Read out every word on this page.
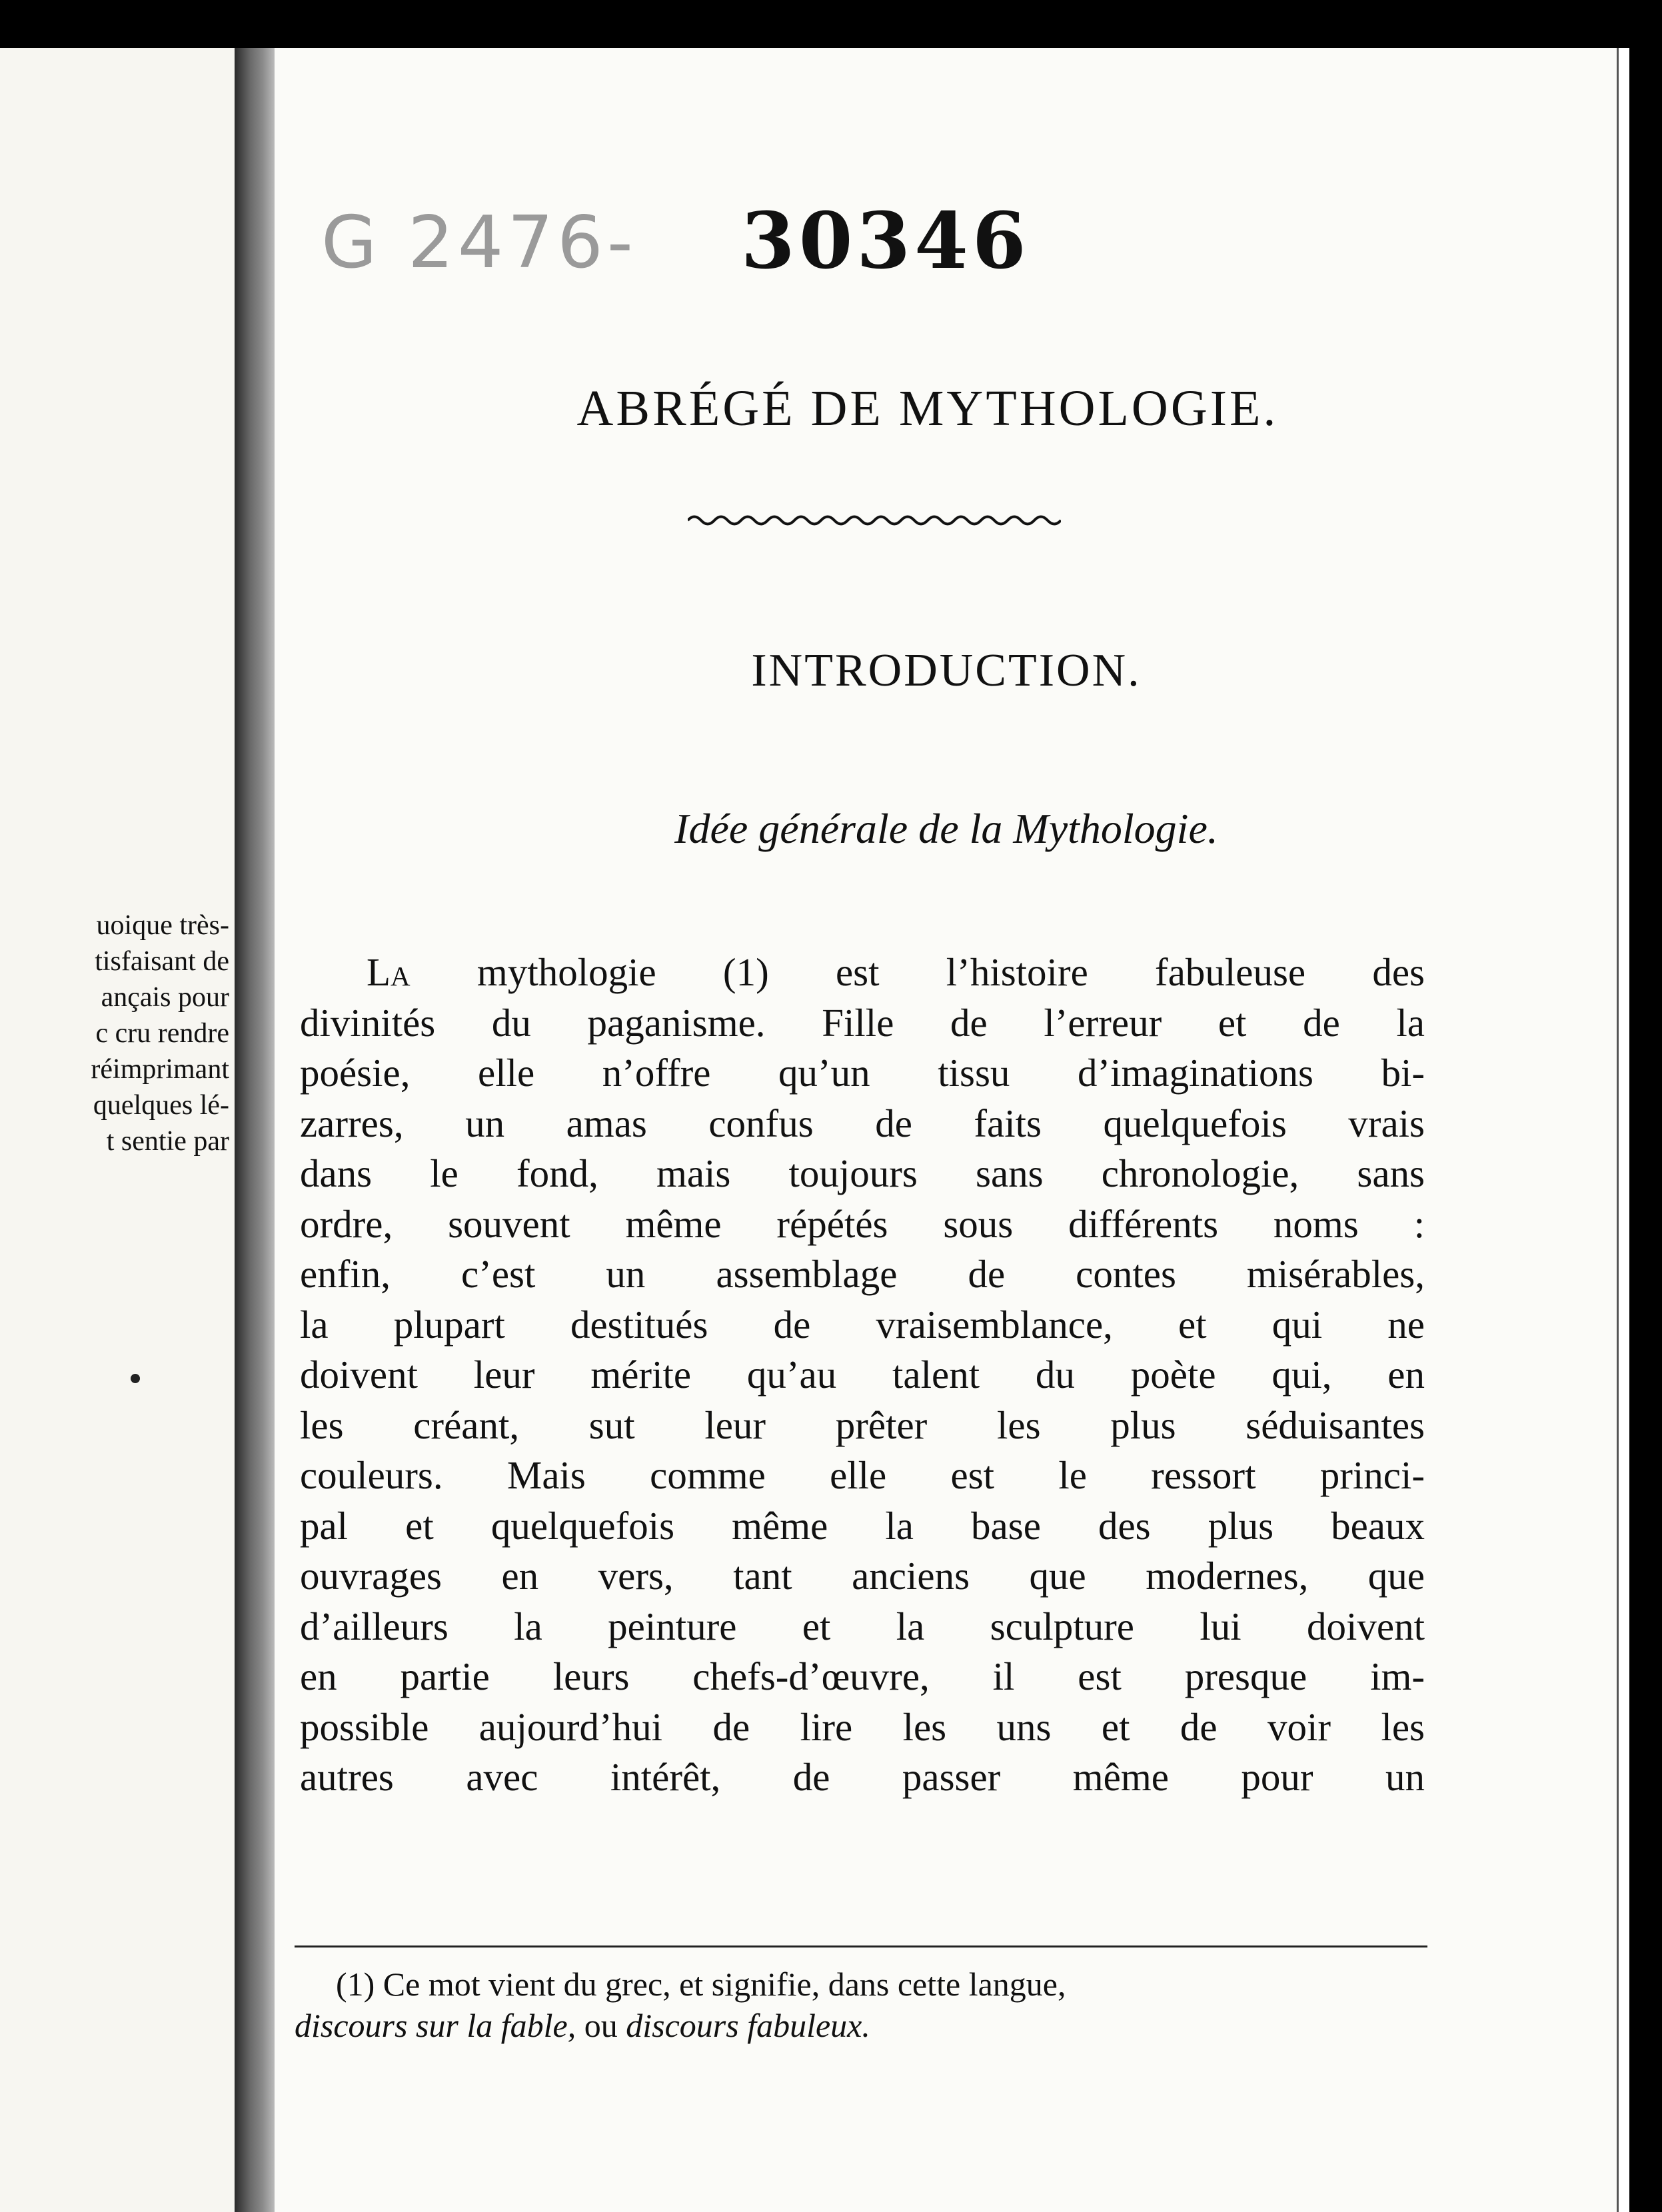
uoique très-
tisfaisant de
ançais pour
c cru rendre
réimprimant
quelques lé-
t sentie par
G 2476- 30346
ABRÉGÉ DE MYTHOLOGIE.
INTRODUCTION.
Idée générale de la Mythologie.
La mythologie (1) est l’histoire fabuleuse des
divinités du paganisme. Fille de l’erreur et de la
poésie, elle n’offre qu’un tissu d’imaginations bi-
zarres, un amas confus de faits quelquefois vrais
dans le fond, mais toujours sans chronologie, sans
ordre, souvent même répétés sous différents noms :
enfin, c’est un assemblage de contes misérables,
la plupart destitués de vraisemblance, et qui ne
doivent leur mérite qu’au talent du poète qui, en
les créant, sut leur prêter les plus séduisantes
couleurs. Mais comme elle est le ressort princi-
pal et quelquefois même la base des plus beaux
ouvrages en vers, tant anciens que modernes, que
d’ailleurs la peinture et la sculpture lui doivent
en partie leurs chefs-d’œuvre, il est presque im-
possible aujourd’hui de lire les uns et de voir les
autres avec intérêt, de passer même pour un
(1) Ce mot vient du grec, et signifie, dans cette langue,
discours sur la fable, ou discours fabuleux.
